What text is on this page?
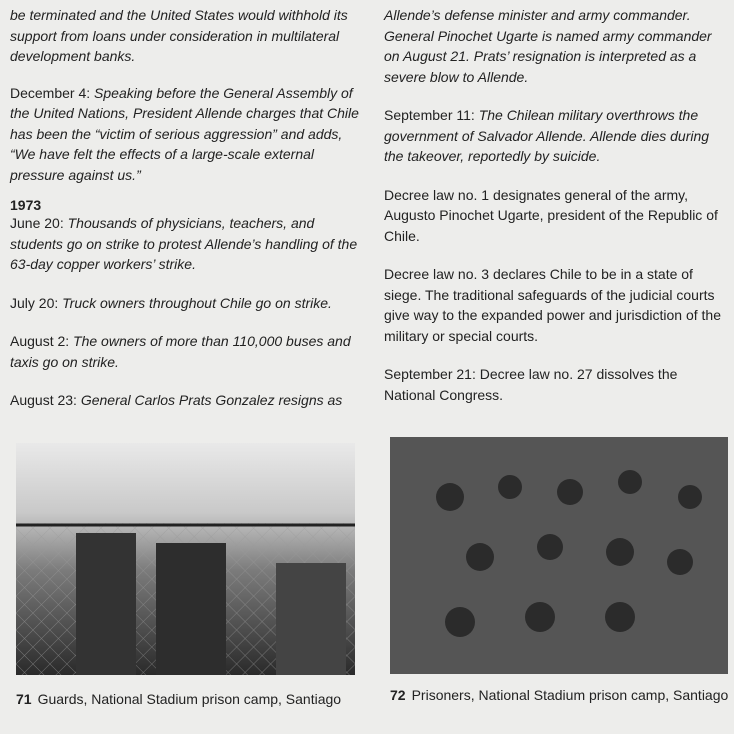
be terminated and the United States would withhold its support from loans under consideration in multilateral development banks.

December 4: Speaking before the General Assembly of the United Nations, President Allende charges that Chile has been the “victim of serious aggression” and adds, “We have felt the effects of a large-scale external pressure against us.”

1973

June 20: Thousands of physicians, teachers, and students go on strike to protest Allende’s handling of the 63-day copper workers’ strike.

July 20: Truck owners throughout Chile go on strike.

August 2: The owners of more than 110,000 buses and taxis go on strike.

August 23: General Carlos Prats Gonzalez resigns as

Allende’s defense minister and army commander. General Pinochet Ugarte is named army commander on August 21. Prats’ resignation is interpreted as a severe blow to Allende.

September 11: The Chilean military overthrows the government of Salvador Allende. Allende dies during the takeover, reportedly by suicide.

Decree law no. 1 designates general of the army, Augusto Pinochet Ugarte, president of the Republic of Chile.

Decree law no. 3 declares Chile to be in a state of siege. The traditional safeguards of the judicial courts give way to the expanded power and jurisdiction of the military or special courts.

September 21: Decree law no. 27 dissolves the National Congress.

71 Guards, National Stadium prison camp, Santiago	72 Prisoners, National Stadium prison camp, Santiago
